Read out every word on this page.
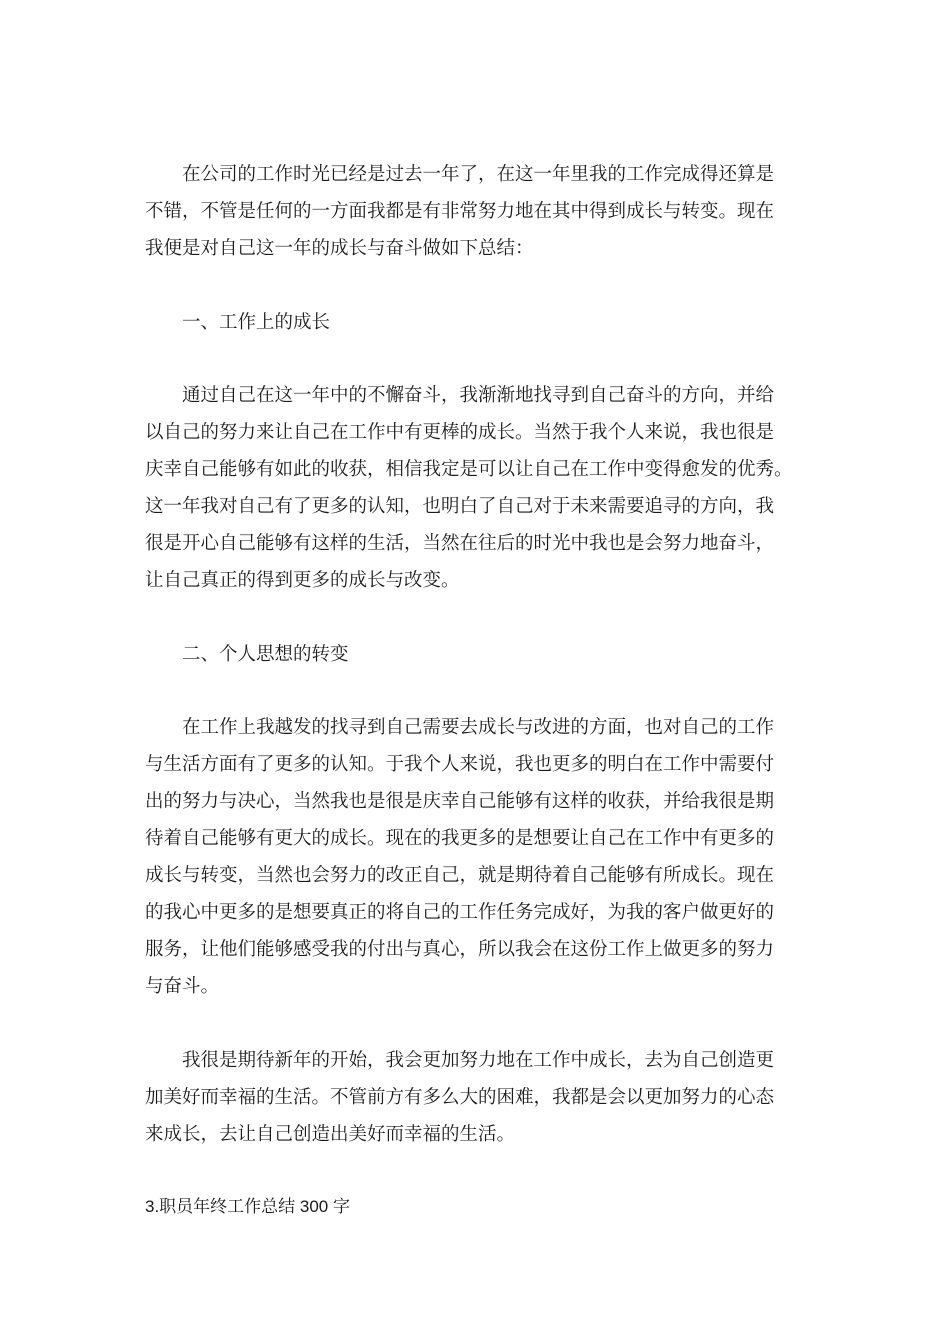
在公司的工作时光已经是过去一年了，在这一年里我的工作完成得还算是
不错，不管是任何的一方面我都是有非常努力地在其中得到成长与转变。现在
我便是对自己这一年的成长与奋斗做如下总结：
一、工作上的成长
通过自己在这一年中的不懈奋斗，我渐渐地找寻到自己奋斗的方向，并给
以自己的努力来让自己在工作中有更棒的成长。当然于我个人来说，我也很是
庆幸自己能够有如此的收获，相信我定是可以让自己在工作中变得愈发的优秀。
这一年我对自己有了更多的认知，也明白了自己对于未来需要追寻的方向，我
很是开心自己能够有这样的生活，当然在往后的时光中我也是会努力地奋斗，
让自己真正的得到更多的成长与改变。
二、个人思想的转变
在工作上我越发的找寻到自己需要去成长与改进的方面，也对自己的工作
与生活方面有了更多的认知。于我个人来说，我也更多的明白在工作中需要付
出的努力与决心，当然我也是很是庆幸自己能够有这样的收获，并给我很是期
待着自己能够有更大的成长。现在的我更多的是想要让自己在工作中有更多的
成长与转变，当然也会努力的改正自己，就是期待着自己能够有所成长。现在
的我心中更多的是想要真正的将自己的工作任务完成好，为我的客户做更好的
服务，让他们能够感受我的付出与真心，所以我会在这份工作上做更多的努力
与奋斗。
我很是期待新年的开始，我会更加努力地在工作中成长，去为自己创造更
加美好而幸福的生活。不管前方有多么大的困难，我都是会以更加努力的心态
来成长，去让自己创造出美好而幸福的生活。

3.职员年终工作总结 300 字
